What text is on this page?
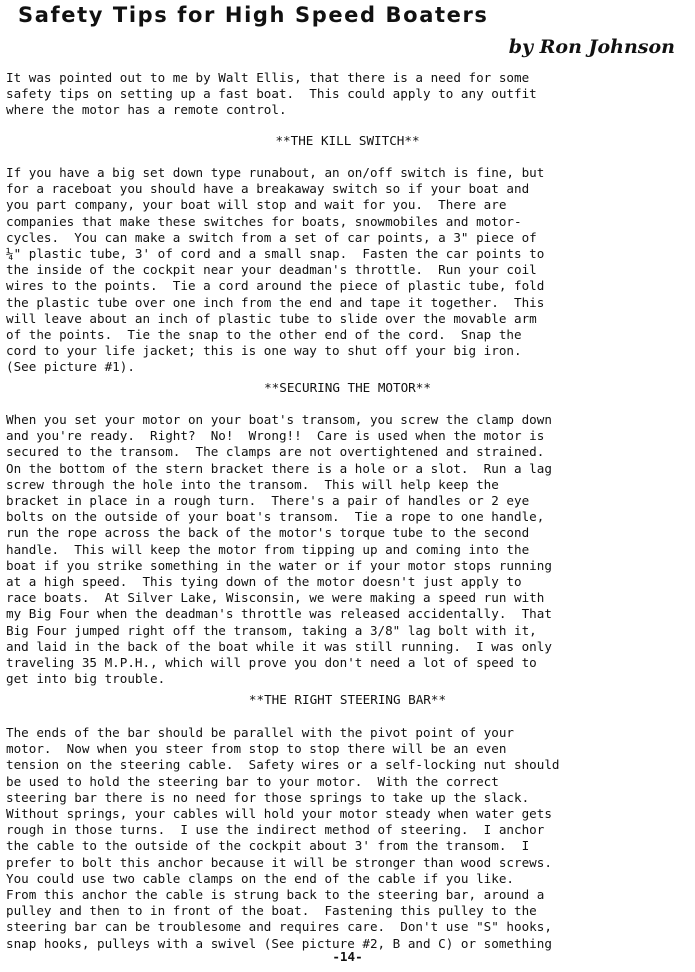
Safety Tips for High Speed Boaters
by Ron Johnson
It was pointed out to me by Walt Ellis, that there is a need for some
safety tips on setting up a fast boat.  This could apply to any outfit
where the motor has a remote control.
**THE KILL SWITCH**
If you have a big set down type runabout, an on/off switch is fine, but
for a raceboat you should have a breakaway switch so if your boat and
you part company, your boat will stop and wait for you.  There are
companies that make these switches for boats, snowmobiles and motor-
cycles.  You can make a switch from a set of car points, a 3" piece of
¼" plastic tube, 3' of cord and a small snap.  Fasten the car points to
the inside of the cockpit near your deadman's throttle.  Run your coil
wires to the points.  Tie a cord around the piece of plastic tube, fold
the plastic tube over one inch from the end and tape it together.  This
will leave about an inch of plastic tube to slide over the movable arm
of the points.  Tie the snap to the other end of the cord.  Snap the
cord to your life jacket; this is one way to shut off your big iron.
(See picture #1).
**SECURING THE MOTOR**
When you set your motor on your boat's transom, you screw the clamp down
and you're ready.  Right?  No!  Wrong!!  Care is used when the motor is
secured to the transom.  The clamps are not overtightened and strained.
On the bottom of the stern bracket there is a hole or a slot.  Run a lag
screw through the hole into the transom.  This will help keep the
bracket in place in a rough turn.  There's a pair of handles or 2 eye
bolts on the outside of your boat's transom.  Tie a rope to one handle,
run the rope across the back of the motor's torque tube to the second
handle.  This will keep the motor from tipping up and coming into the
boat if you strike something in the water or if your motor stops running
at a high speed.  This tying down of the motor doesn't just apply to
race boats.  At Silver Lake, Wisconsin, we were making a speed run with
my Big Four when the deadman's throttle was released accidentally.  That
Big Four jumped right off the transom, taking a 3/8" lag bolt with it,
and laid in the back of the boat while it was still running.  I was only
traveling 35 M.P.H., which will prove you don't need a lot of speed to
get into big trouble.
**THE RIGHT STEERING BAR**
The ends of the bar should be parallel with the pivot point of your
motor.  Now when you steer from stop to stop there will be an even
tension on the steering cable.  Safety wires or a self-locking nut should
be used to hold the steering bar to your motor.  With the correct
steering bar there is no need for those springs to take up the slack.
Without springs, your cables will hold your motor steady when water gets
rough in those turns.  I use the indirect method of steering.  I anchor
the cable to the outside of the cockpit about 3' from the transom.  I
prefer to bolt this anchor because it will be stronger than wood screws.
You could use two cable clamps on the end of the cable if you like.
From this anchor the cable is strung back to the steering bar, around a
pulley and then to in front of the boat.  Fastening this pulley to the
steering bar can be troublesome and requires care.  Don't use "S" hooks,
snap hooks, pulleys with a swivel (See picture #2, B and C) or something
-14-
